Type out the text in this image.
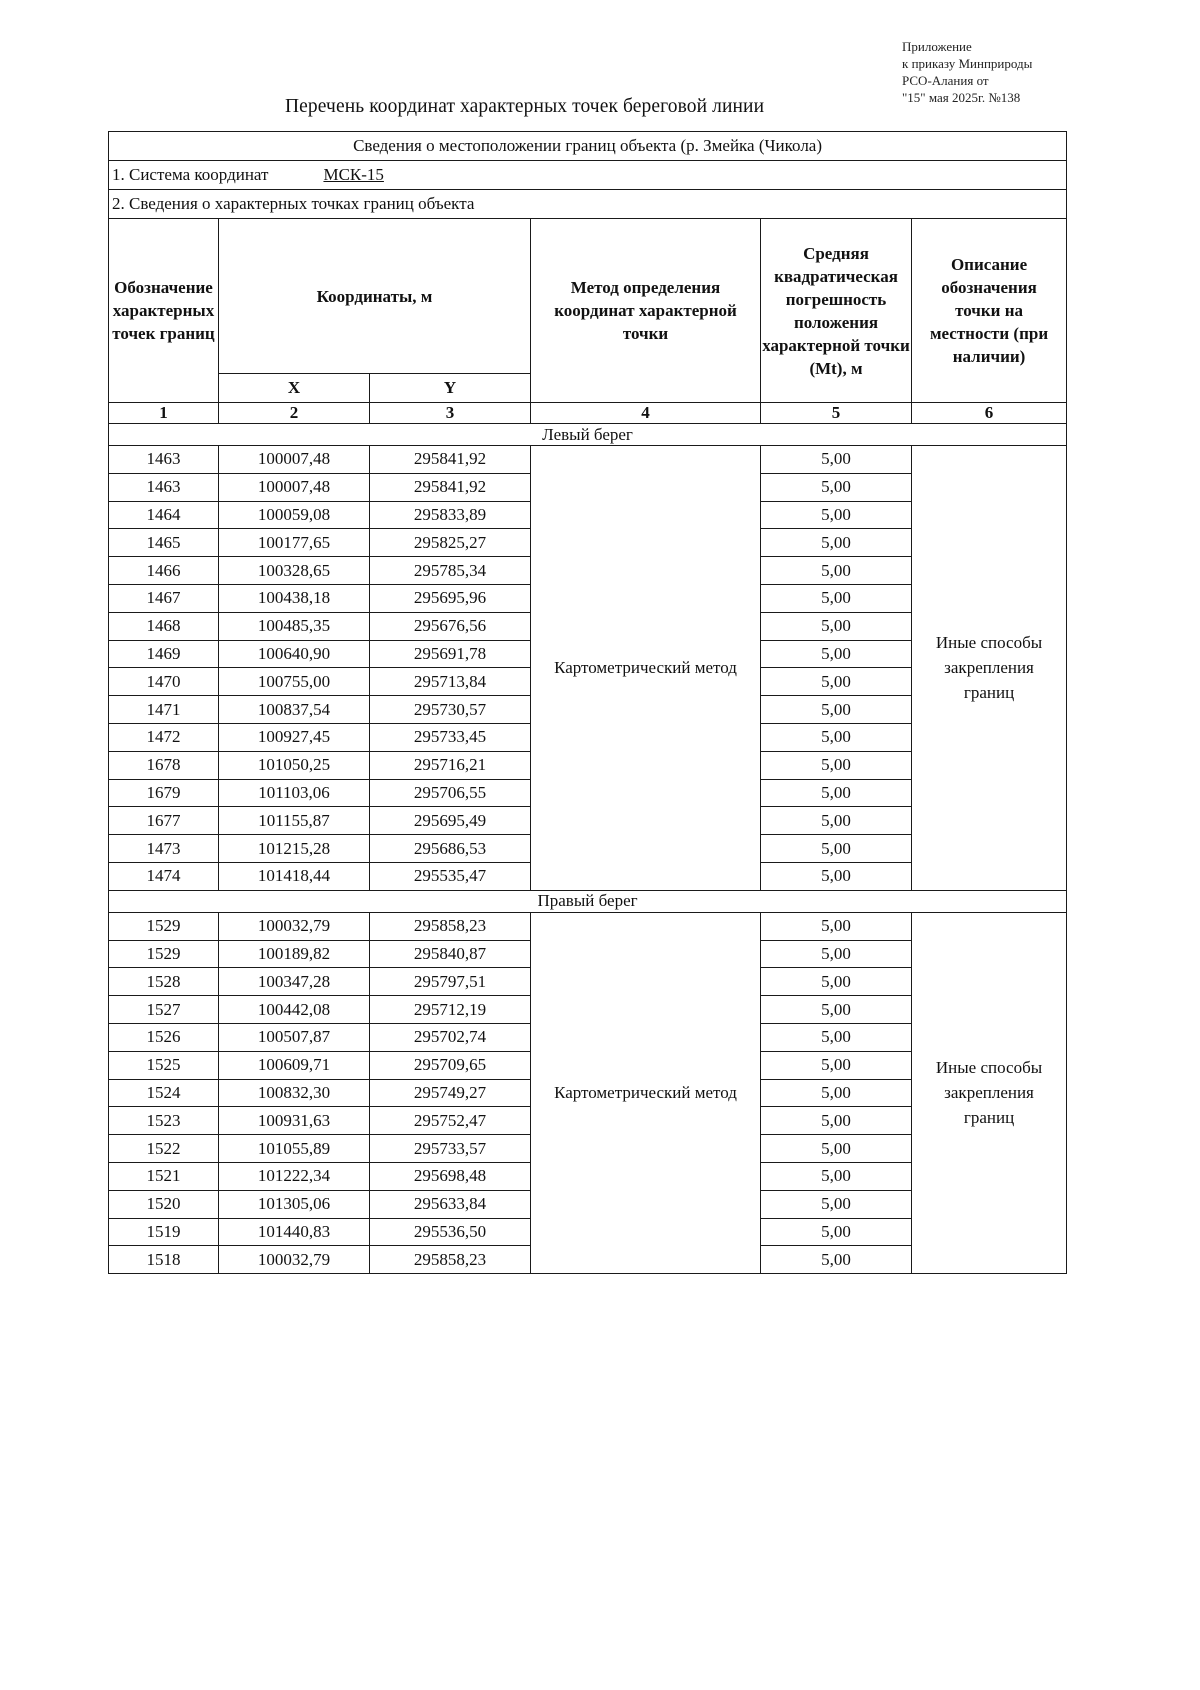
Приложение
к приказу Минприроды
РСО-Алания от
"15" мая 2025г. №138
Перечень координат характерных точек береговой линии
Сведения о местоположении границ объекта (р. Змейка (Чикола)					
1. Система координат МСК-15					
2. Сведения о характерных точках границ объекта					
Обозначение характерных точек границ	Координаты, м		Метод определения координат характерной точки	Средняя квадратическая погрешность положения характерной точки (Mt), м	Описание обозначения точки на местности (при наличии)
	X	Y			
1	2	3	4	5	6
Левый берег					
1463	100007,48	295841,92	Картометрический метод	5,00	Иные способы закрепления границ
1463	100007,48	295841,92		5,00	
1464	100059,08	295833,89		5,00	
1465	100177,65	295825,27		5,00	
1466	100328,65	295785,34		5,00	
1467	100438,18	295695,96		5,00	
1468	100485,35	295676,56		5,00	
1469	100640,90	295691,78		5,00	
1470	100755,00	295713,84		5,00	
1471	100837,54	295730,57		5,00	
1472	100927,45	295733,45		5,00	
1678	101050,25	295716,21		5,00	
1679	101103,06	295706,55		5,00	
1677	101155,87	295695,49		5,00	
1473	101215,28	295686,53		5,00	
1474	101418,44	295535,47		5,00	
Правый берег					
1529	100032,79	295858,23	Картометрический метод	5,00	Иные способы закрепления границ
1529	100189,82	295840,87		5,00	
1528	100347,28	295797,51		5,00	
1527	100442,08	295712,19		5,00	
1526	100507,87	295702,74		5,00	
1525	100609,71	295709,65		5,00	
1524	100832,30	295749,27		5,00	
1523	100931,63	295752,47		5,00	
1522	101055,89	295733,57		5,00	
1521	101222,34	295698,48		5,00	
1520	101305,06	295633,84		5,00	
1519	101440,83	295536,50		5,00	
1518	100032,79	295858,23		5,00	
